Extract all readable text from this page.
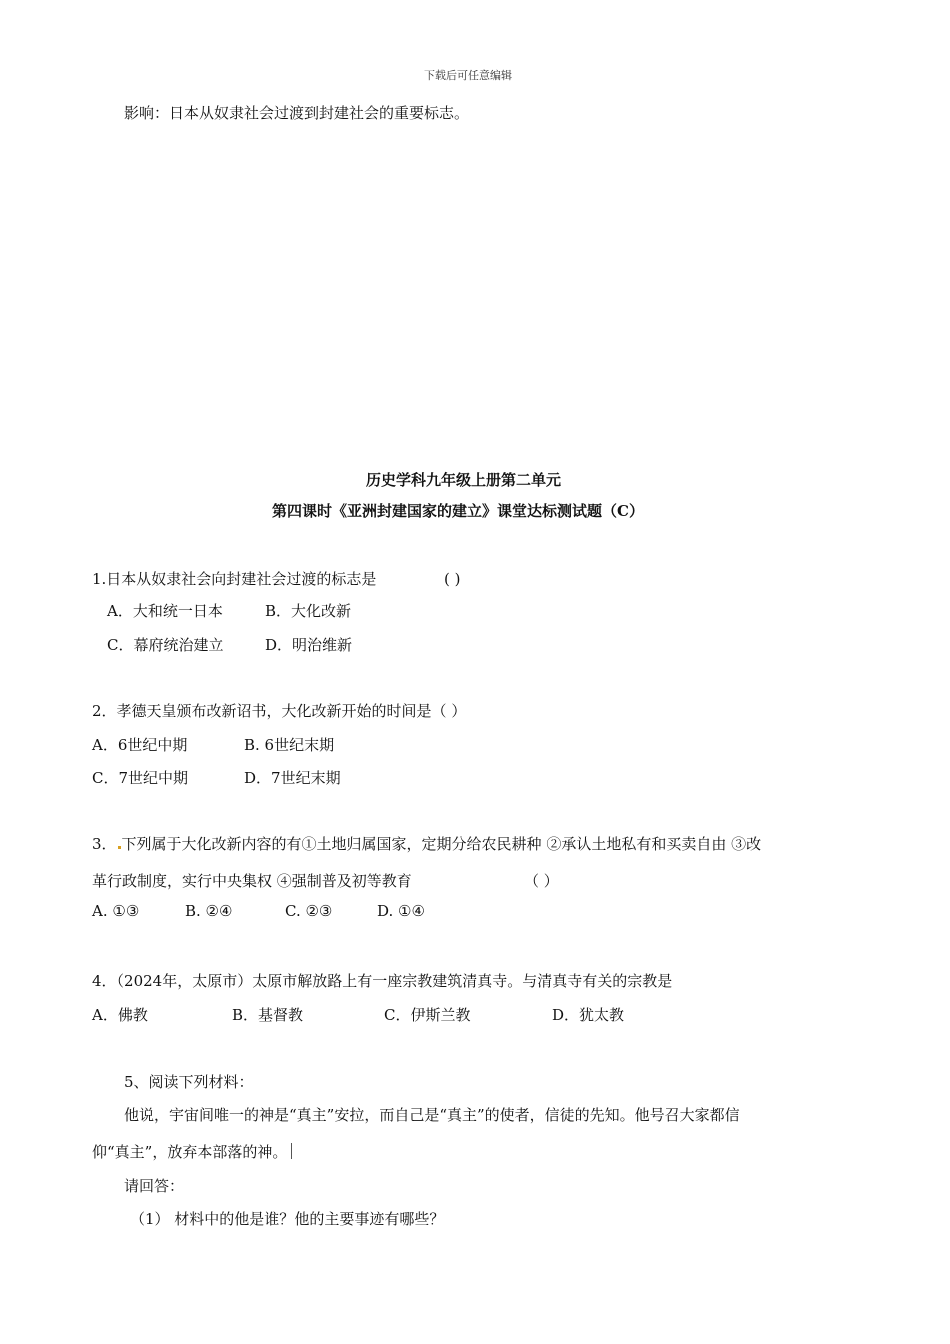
下载后可任意编辑
影响：日本从奴隶社会过渡到封建社会的重要标志。
历史学科九年级上册第二单元
第四课时《亚洲封建国家的建立》课堂达标测试题（C）
1.日本从奴隶社会向封建社会过渡的标志是	( )
A．大和统一日本	B．大化改新
C．幕府统治建立	D．明治维新
2．孝德天皇颁布改新诏书，大化改新开始的时间是（ ）
A．6世纪中期	B. 6世纪末期
C．7世纪中期	D．7世纪末期
3． 下列属于大化改新内容的有①土地归属国家，定期分给农民耕种 ②承认土地私有和买卖自由 ③改
革行政制度，实行中央集权 ④强制普及初等教育	（ ）
A. ①③	B. ②④	C. ②③	D. ①④
4．（2024年，太原市）太原市解放路上有一座宗教建筑清真寺。与清真寺有关的宗教是
A．佛教	B．基督教	C．伊斯兰教	D．犹太教
5、阅读下列材料：
他说，宇宙间唯一的神是“真主”安拉，而自己是“真主”的使者，信徒的先知。他号召大家都信
仰“真主”，放弃本部落的神。
请回答：
（1） 材料中的他是谁？他的主要事迹有哪些？
